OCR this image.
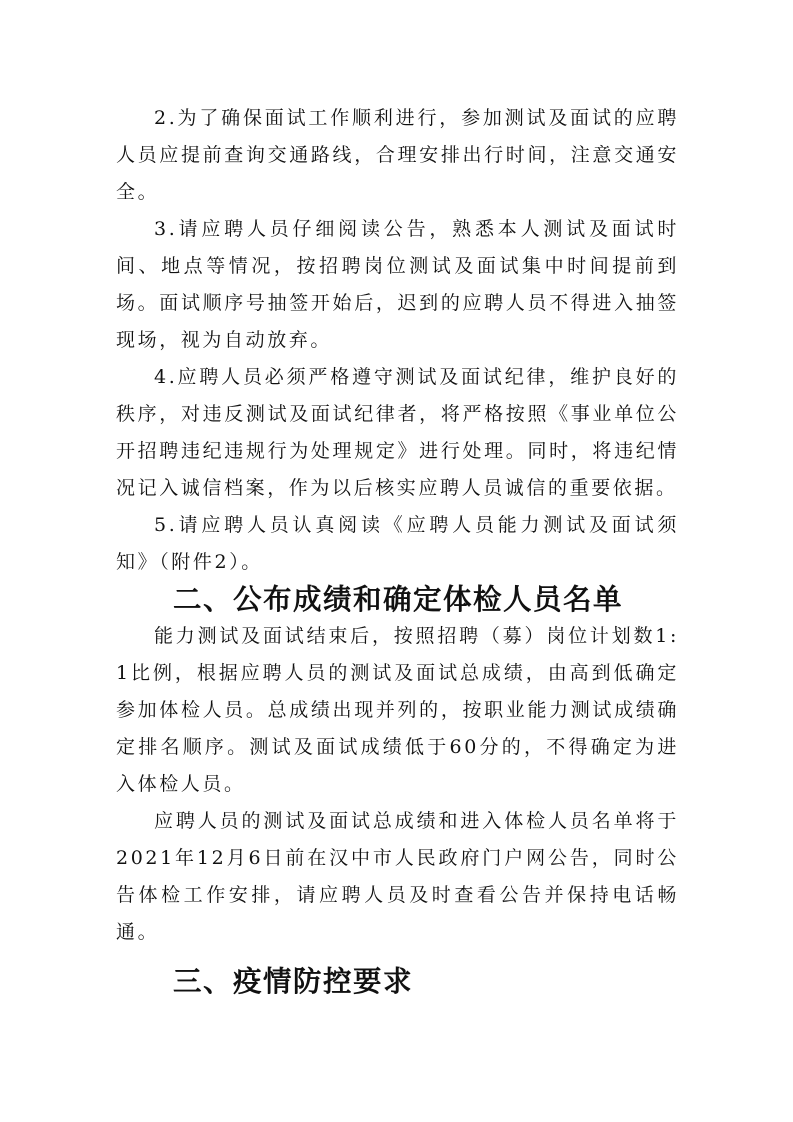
2.为了确保面试工作顺利进行，参加测试及面试的应聘人员应提前查询交通路线，合理安排出行时间，注意交通安全。

3.请应聘人员仔细阅读公告，熟悉本人测试及面试时间、地点等情况，按招聘岗位测试及面试集中时间提前到场。面试顺序号抽签开始后，迟到的应聘人员不得进入抽签现场，视为自动放弃。

4.应聘人员必须严格遵守测试及面试纪律，维护良好的秩序，对违反测试及面试纪律者，将严格按照《事业单位公开招聘违纪违规行为处理规定》进行处理。同时，将违纪情况记入诚信档案，作为以后核实应聘人员诚信的重要依据。

5.请应聘人员认真阅读《应聘人员能力测试及面试须知》（附件2）。

二、公布成绩和确定体检人员名单

能力测试及面试结束后，按照招聘（募）岗位计划数1:1比例，根据应聘人员的测试及面试总成绩，由高到低确定参加体检人员。总成绩出现并列的，按职业能力测试成绩确定排名顺序。测试及面试成绩低于60分的，不得确定为进入体检人员。

应聘人员的测试及面试总成绩和进入体检人员名单将于2021年12月6日前在汉中市人民政府门户网公告，同时公告体检工作安排，请应聘人员及时查看公告并保持电话畅通。

三、疫情防控要求
